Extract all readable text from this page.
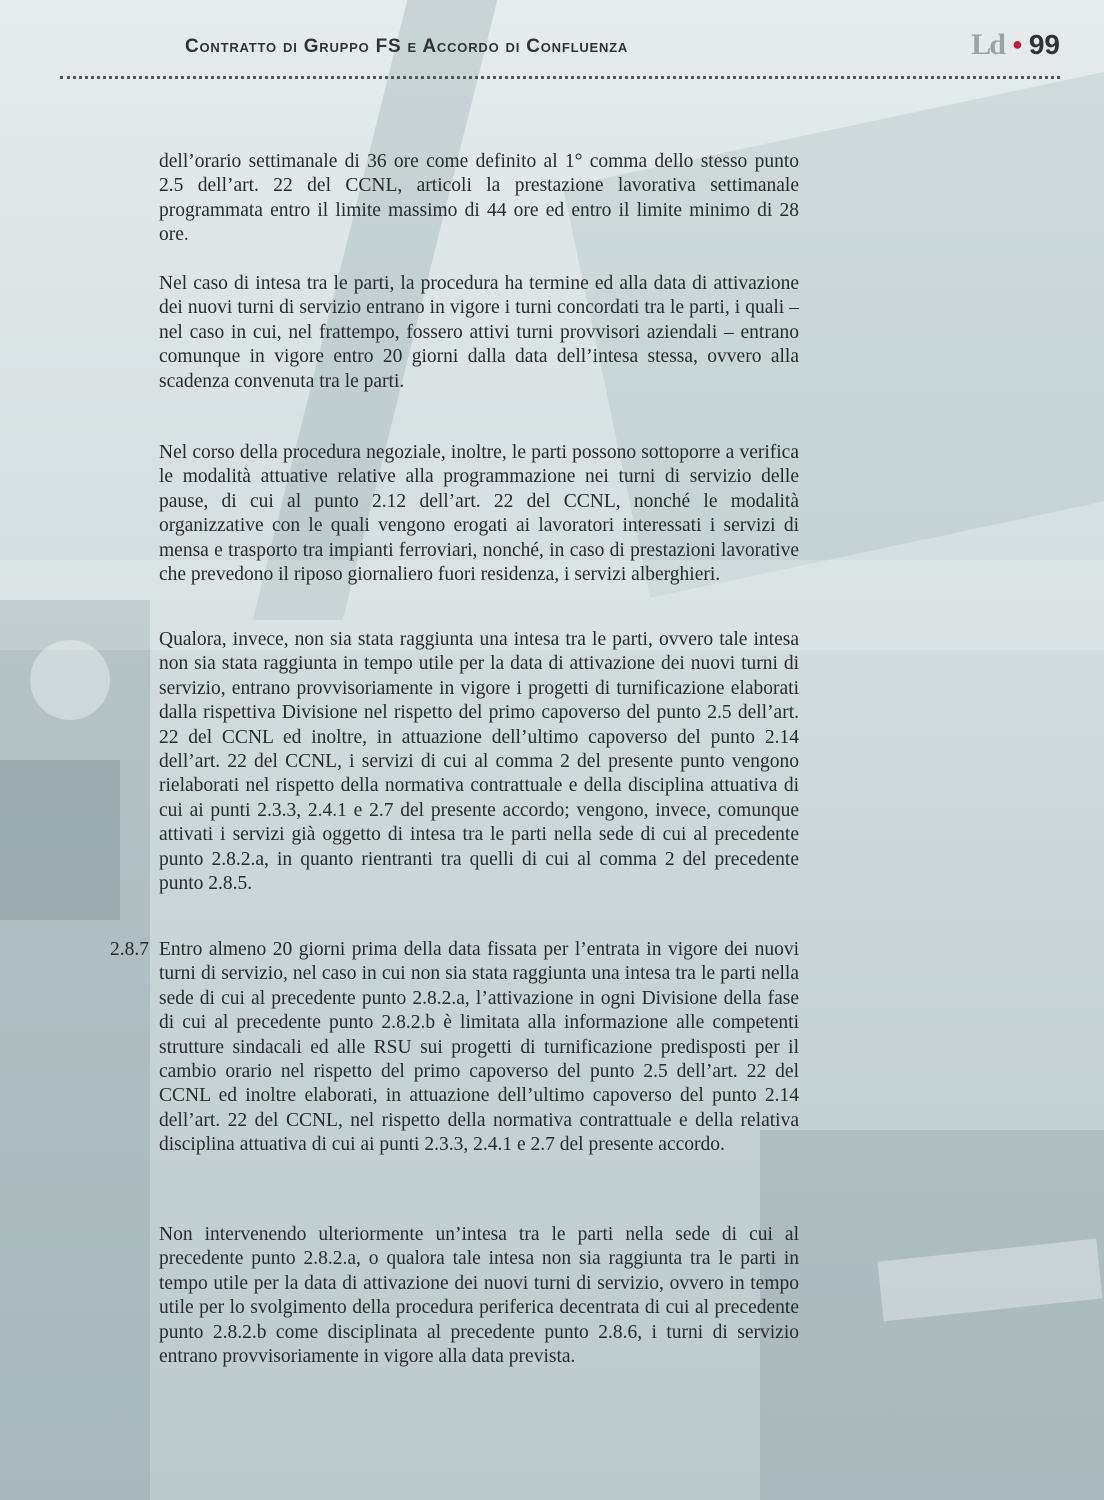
Contratto di Gruppo FS e Accordo di Confluenza	Ld ● 99

dell’orario settimanale di 36 ore come definito al 1° comma dello stesso punto 2.5 dell’art. 22 del CCNL, articoli la prestazione lavorativa settimanale programmata entro il limite massimo di 44 ore ed entro il limite minimo di 28 ore.

Nel caso di intesa tra le parti, la procedura ha termine ed alla data di attivazione dei nuovi turni di servizio entrano in vigore i turni concordati tra le parti, i quali – nel caso in cui, nel frattempo, fossero attivi turni provvisori aziendali – entrano comunque in vigore entro 20 giorni dalla data dell’intesa stessa, ovvero alla scadenza convenuta tra le parti.

Nel corso della procedura negoziale, inoltre, le parti possono sottoporre a verifica le modalità attuative relative alla programmazione nei turni di servizio delle pause, di cui al punto 2.12 dell’art. 22 del CCNL, nonché le modalità organizzative con le quali vengono erogati ai lavoratori interessati i servizi di mensa e trasporto tra impianti ferroviari, nonché, in caso di prestazioni lavorative che prevedono il riposo giornaliero fuori residenza, i servizi alberghieri.

Qualora, invece, non sia stata raggiunta una intesa tra le parti, ovvero tale intesa non sia stata raggiunta in tempo utile per la data di attivazione dei nuovi turni di servizio, entrano provvisoriamente in vigore i progetti di turnificazione elaborati dalla rispettiva Divisione nel rispetto del primo capoverso del punto 2.5 dell’art. 22 del CCNL ed inoltre, in attuazione dell’ultimo capoverso del punto 2.14 dell’art. 22 del CCNL, i servizi di cui al comma 2 del presente punto vengono rielaborati nel rispetto della normativa contrattuale e della disciplina attuativa di cui ai punti 2.3.3, 2.4.1 e 2.7 del presente accordo; vengono, invece, comunque attivati i servizi già oggetto di intesa tra le parti nella sede di cui al precedente punto 2.8.2.a, in quanto rientranti tra quelli di cui al comma 2 del precedente punto 2.8.5.

2.8.7 Entro almeno 20 giorni prima della data fissata per l’entrata in vigore dei nuovi turni di servizio, nel caso in cui non sia stata raggiunta una intesa tra le parti nella sede di cui al precedente punto 2.8.2.a, l’attivazione in ogni Divisione della fase di cui al precedente punto 2.8.2.b è limitata alla informazione alle competenti strutture sindacali ed alle RSU sui progetti di turnificazione predisposti per il cambio orario nel rispetto del primo capoverso del punto 2.5 dell’art. 22 del CCNL ed inoltre elaborati, in attuazione dell’ultimo capoverso del punto 2.14 dell’art. 22 del CCNL, nel rispetto della normativa contrattuale e della relativa disciplina attuativa di cui ai punti 2.3.3, 2.4.1 e 2.7 del presente accordo.

Non intervenendo ulteriormente un’intesa tra le parti nella sede di cui al precedente punto 2.8.2.a, o qualora tale intesa non sia raggiunta tra le parti in tempo utile per la data di attivazione dei nuovi turni di servizio, ovvero in tempo utile per lo svolgimento della procedura periferica decentrata di cui al precedente punto 2.8.2.b come disciplinata al precedente punto 2.8.6, i turni di servizio entrano provvisoriamente in vigore alla data prevista.
